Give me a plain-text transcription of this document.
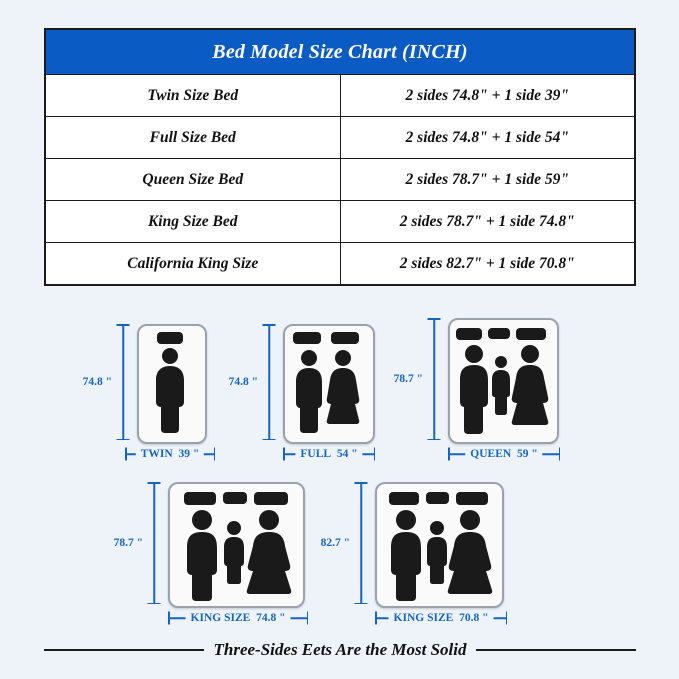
Bed Model Size Chart (INCH)	
Twin Size Bed	2 sides 74.8" + 1 side 39"
Full Size Bed	2 sides 74.8" + 1 side 54"
Queen Size Bed	2 sides 78.7" + 1 side 59"
King Size Bed	2 sides 78.7" + 1 side 74.8"
California King Size	2 sides 82.7" + 1 side 70.8"
74.8 "
TWIN 39 "
74.8 "
FULL 54 "
78.7 "
QUEEN 59 "
78.7 "
KING SIZE 74.8 "
82.7 "
KING SIZE 70.8 "
Three-Sides Eets Are the Most Solid
